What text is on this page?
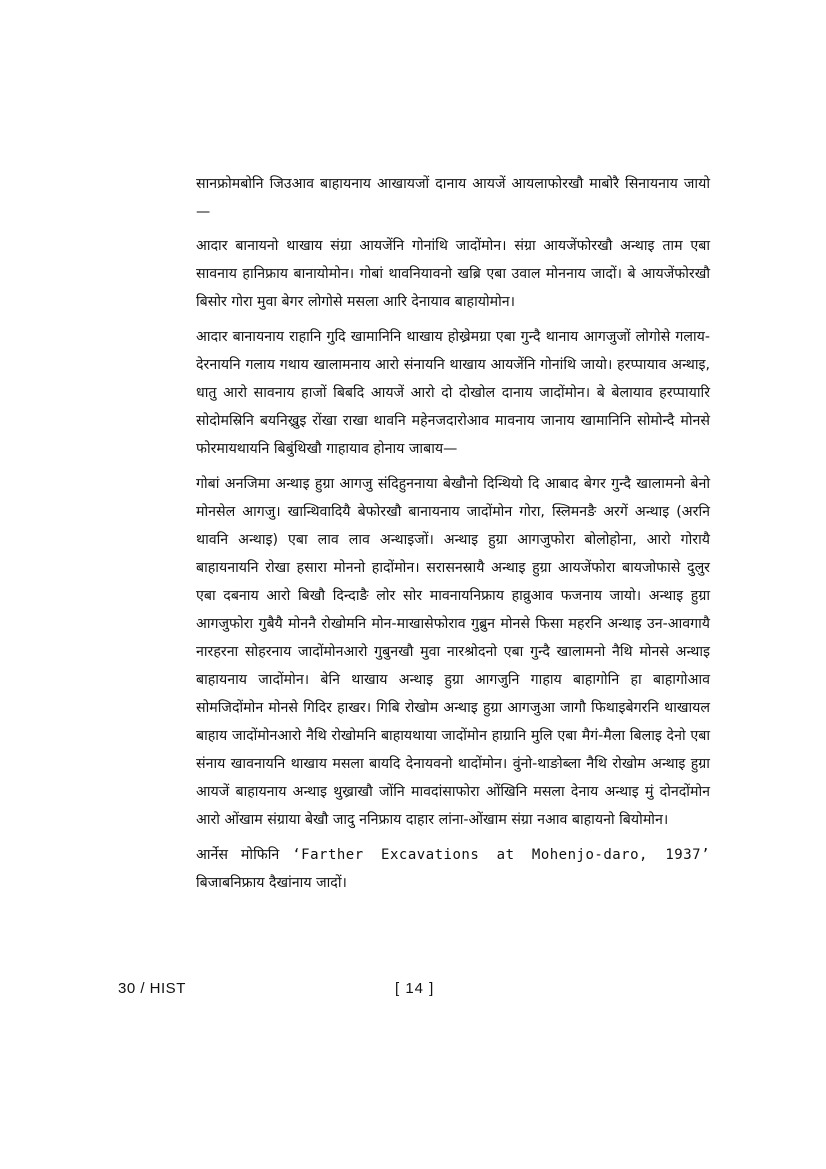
सानफ्रोमबोनि जिउआव बाहायनाय आखायजों दानाय आयजें आयलाफोरखौ माबोरै सिनायनाय जायो—

आदार बानायनो थाखाय संग्रा आयजेंनि गोनांथि जादोंमोन। संग्रा आयजेंफोरखौ अन्थाइ ताम एबा सावनाय हानिफ्राय बानायोमोन। गोबां थावनियावनो खब्रि एबा उवाल मोननाय जादों। बे आयजेंफोरखौ बिसोर गोरा मुवा बेगर लोगोसे मसला आरि देनायाव बाहायोमोन।

आदार बानायनाय राहानि गुदि खामानिनि थाखाय होख्रेमग्रा एबा गुन्दै थानाय आगजुजों लोगोसे गलाय-देरनायनि गलाय गथाय खालामनाय आरो संनायनि थाखाय आयजेंनि गोनांथि जायो। हरप्पायाव अन्थाइ, धातु आरो सावनाय हाजों बिबदि आयजें आरो दो दोखोल दानाय जादोंमोन। बे बेलायाव हरप्पायारि सोदोमस्रिनि बयनिख्रुइ रोंखा राखा थावनि महेनजदारोआव मावनाय जानाय खामानिनि सोमोन्दै मोनसे फोरमायथायनि बिबुंथिखौ गाहायाव होनाय जाबाय—

गोबां अनजिमा अन्थाइ हुग्रा आगजु संदिहुननाया बेखौनो दिन्थियो दि आबाद बेगर गुन्दै खालामनो बेनो मोनसेल आगजु। खान्थिवादियै बेफोरखौ बानायनाय जादोंमोन गोरा, स्लिमनङै अरगें अन्थाइ (अरनि थावनि अन्थाइ) एबा लाव लाव अन्थाइजों। अन्थाइ हुग्रा आगजुफोरा बोलोहोना, आरो गोरायै बाहायनायनि रोखा हसारा मोननो हादोंमोन। सरासनस्रायै अन्थाइ हुग्रा आयजेंफोरा बायजोफासे दुलुर एबा दबनाय आरो बिखौ दिन्दाङै लोर सोर मावनायनिफ्राय हाव्रुआव फजनाय जायो। अन्थाइ हुग्रा आगजुफोरा गुबैयै मोननै रोखोमनि मोन-माखासेफोराव गुब्रुन मोनसे फिसा महरनि अन्थाइ उन-आवगायै नारहरना सोहरनाय जादोंमोनआरो गुबुनखौ मुवा नारश्रोदनो एबा गुन्दै खालामनो नैथि मोनसे अन्थाइ बाहायनाय जादोंमोन। बेनि थाखाय अन्थाइ हुग्रा आगजुनि गाहाय बाहागोनि हा बाहागोआव सोमजिदोंमोन मोनसे गिदिर हाखर। गिबि रोखोम अन्थाइ हुग्रा आगजुआ जागौ फिथाइबेगरनि थाखायल बाहाय जादोंमोनआरो नैथि रोखोमनि बाहायथाया जादोंमोन हाग्रानि मुलि एबा मैगं-मैला बिलाइ देनो एबा संनाय खावनायनि थाखाय मसला बायदि देनायवनो थादोंमोन। वुंनो-थाङोब्ला नैथि रोखोम अन्थाइ हुग्रा आयजें बाहायनाय अन्थाइ थुख्राखौ जोंनि मावदांसाफोरा ओंखिनि मसला देनाय अन्थाइ मुं दोनदोंमोन आरो ओंखाम संग्राया बेखौ जादु ननिफ्राय दाहार लांना-ओंखाम संग्रा नआव बाहायनो बियोमोन।

आर्नेस मोफिनि ‘Farther Excavations at Mohenjo-daro, 1937’ बिजाबनिफ्राय दैखांनाय जादों।

30 / HIST	[ 14 ]
